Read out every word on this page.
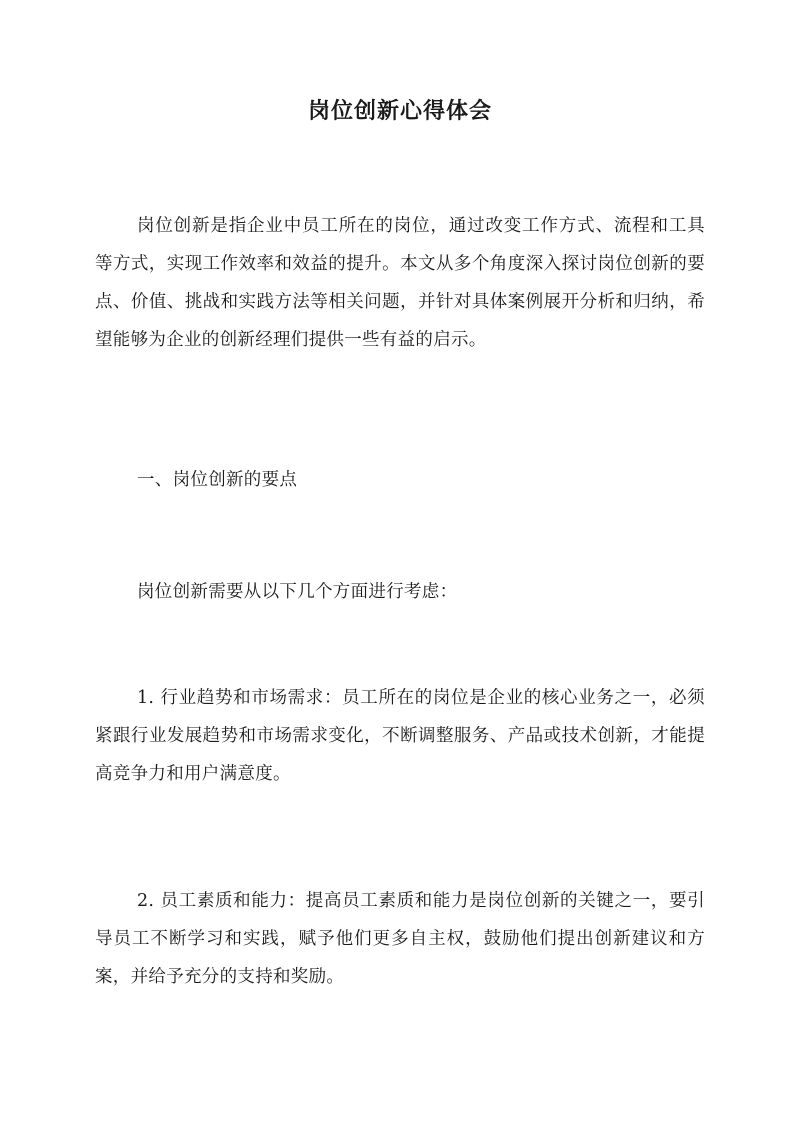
岗位创新心得体会

岗位创新是指企业中员工所在的岗位，通过改变工作方式、流程和工具等方式，实现工作效率和效益的提升。本文从多个角度深入探讨岗位创新的要点、价值、挑战和实践方法等相关问题，并针对具体案例展开分析和归纳，希望能够为企业的创新经理们提供一些有益的启示。

一、岗位创新的要点

岗位创新需要从以下几个方面进行考虑：

1. 行业趋势和市场需求：员工所在的岗位是企业的核心业务之一，必须紧跟行业发展趋势和市场需求变化，不断调整服务、产品或技术创新，才能提高竞争力和用户满意度。

2. 员工素质和能力：提高员工素质和能力是岗位创新的关键之一，要引导员工不断学习和实践，赋予他们更多自主权，鼓励他们提出创新建议和方案，并给予充分的支持和奖励。
